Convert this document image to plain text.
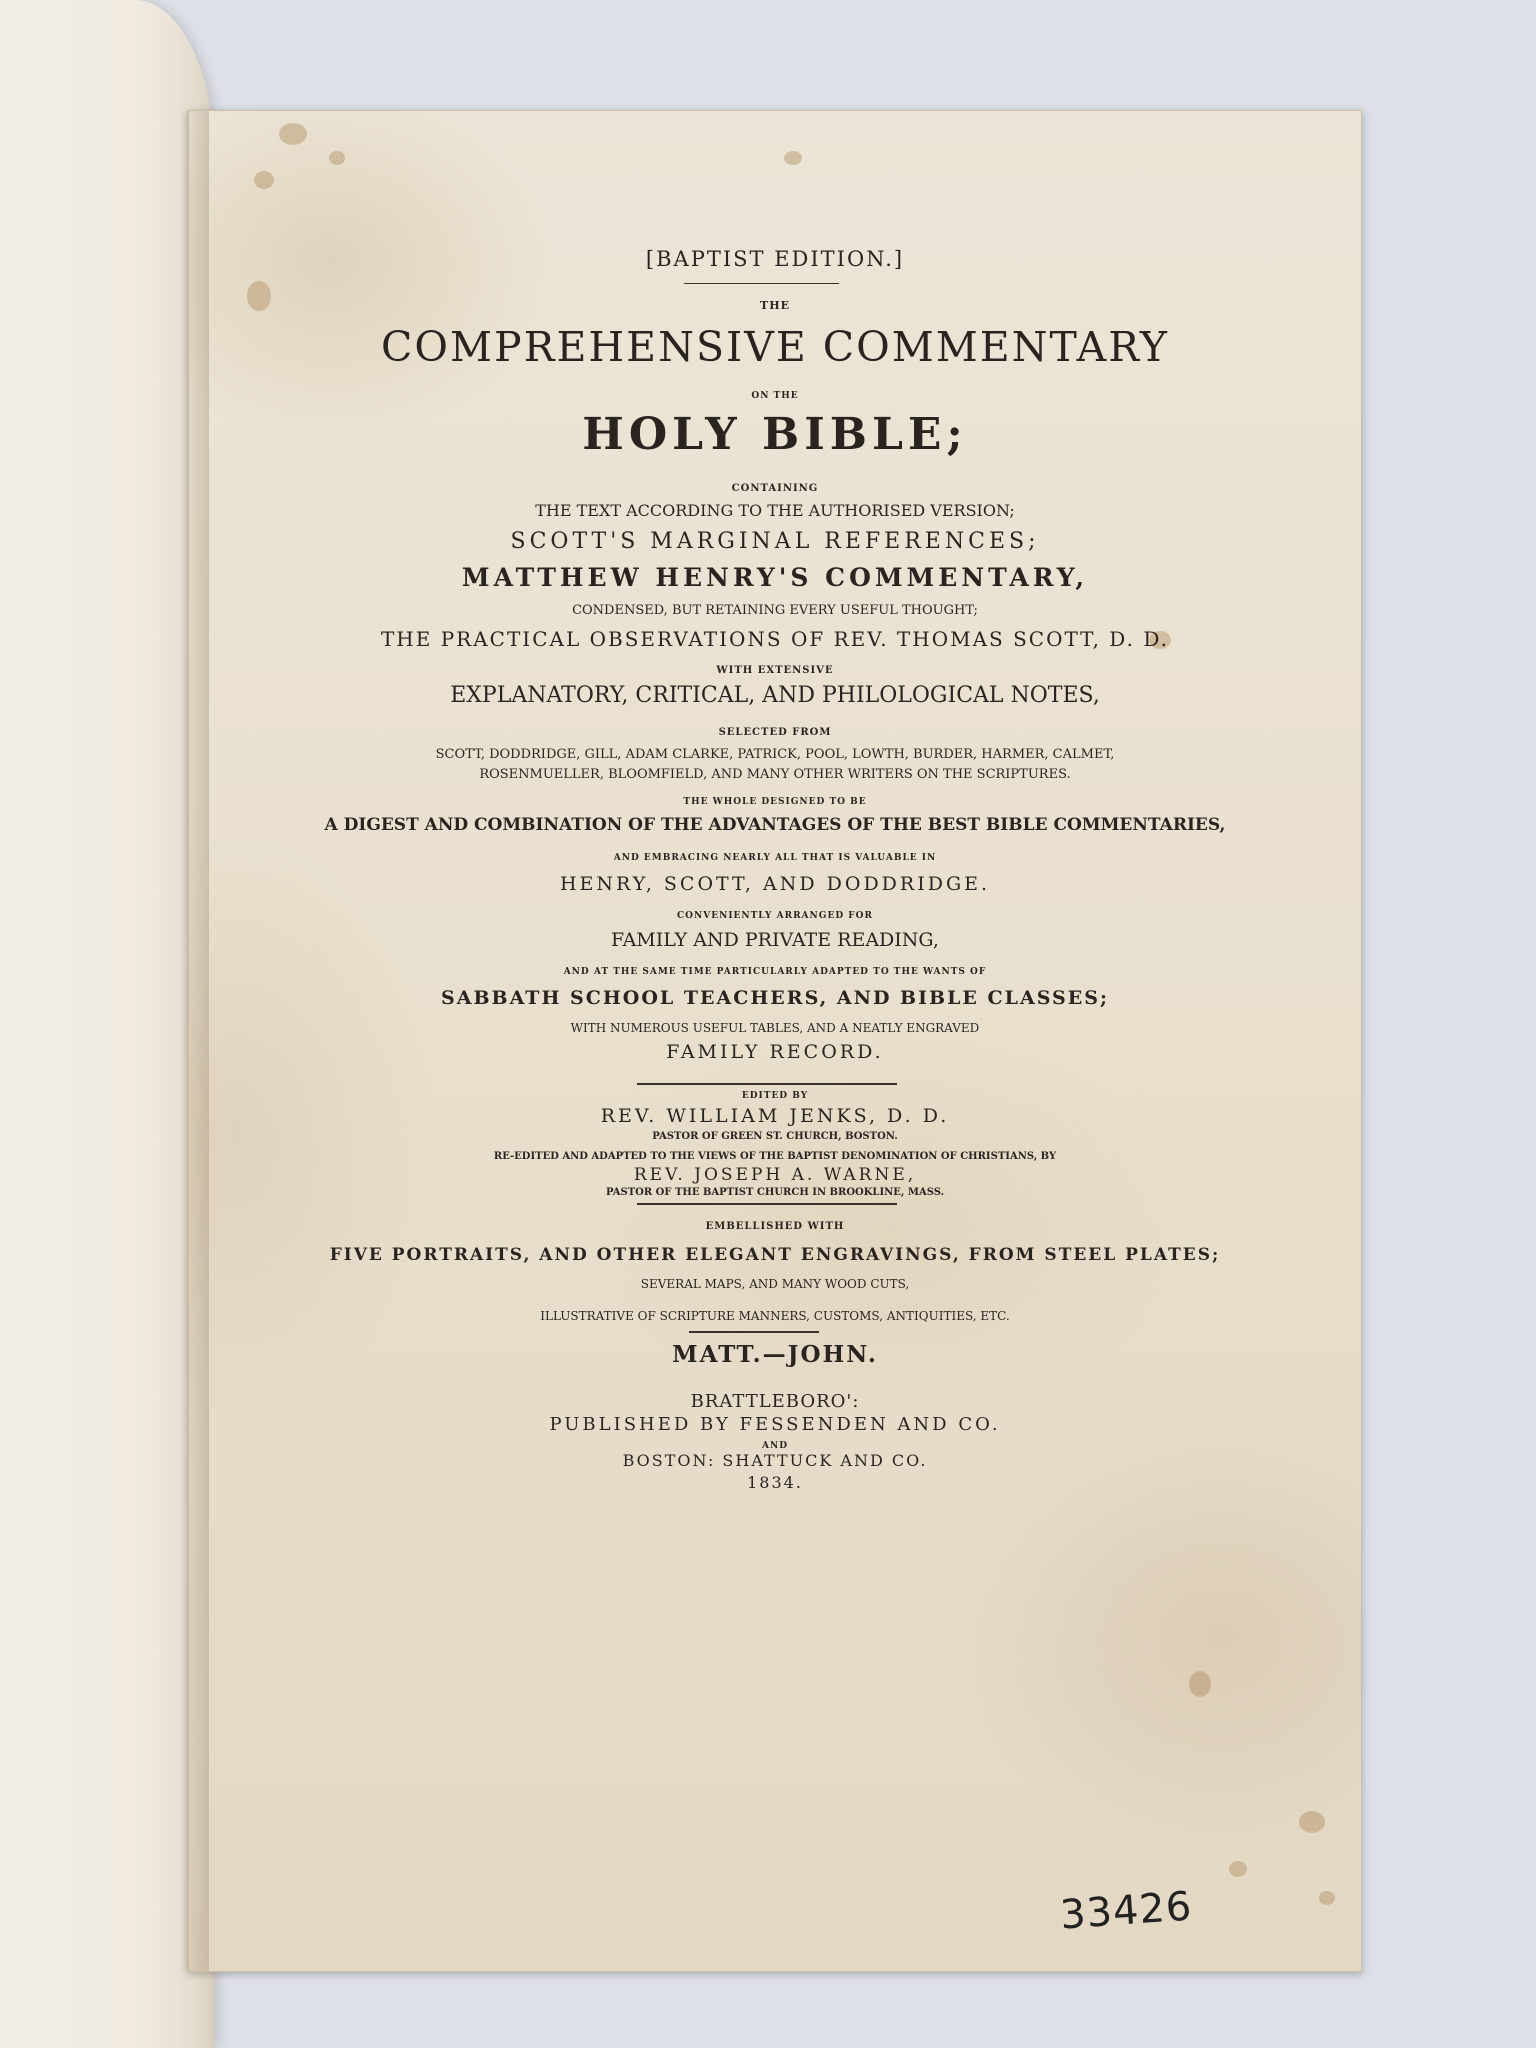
[BAPTIST EDITION.]
THE
COMPREHENSIVE COMMENTARY
ON THE
HOLY BIBLE;
CONTAINING
THE TEXT ACCORDING TO THE AUTHORISED VERSION;
SCOTT'S MARGINAL REFERENCES;
MATTHEW HENRY'S COMMENTARY,
CONDENSED, BUT RETAINING EVERY USEFUL THOUGHT;
THE PRACTICAL OBSERVATIONS OF REV. THOMAS SCOTT, D. D.
WITH EXTENSIVE
EXPLANATORY, CRITICAL, AND PHILOLOGICAL NOTES,
SELECTED FROM
SCOTT, DODDRIDGE, GILL, ADAM CLARKE, PATRICK, POOL, LOWTH, BURDER, HARMER, CALMET,
ROSENMUELLER, BLOOMFIELD, AND MANY OTHER WRITERS ON THE SCRIPTURES.
THE WHOLE DESIGNED TO BE
A DIGEST AND COMBINATION OF THE ADVANTAGES OF THE BEST BIBLE COMMENTARIES,
AND EMBRACING NEARLY ALL THAT IS VALUABLE IN
HENRY, SCOTT, AND DODDRIDGE.
CONVENIENTLY ARRANGED FOR
FAMILY AND PRIVATE READING,
AND AT THE SAME TIME PARTICULARLY ADAPTED TO THE WANTS OF
SABBATH SCHOOL TEACHERS, AND BIBLE CLASSES;
WITH NUMEROUS USEFUL TABLES, AND A NEATLY ENGRAVED
FAMILY RECORD.
EDITED BY
REV. WILLIAM JENKS, D. D.
PASTOR OF GREEN ST. CHURCH, BOSTON.
RE-EDITED AND ADAPTED TO THE VIEWS OF THE BAPTIST DENOMINATION OF CHRISTIANS, BY
REV. JOSEPH A. WARNE,
PASTOR OF THE BAPTIST CHURCH IN BROOKLINE, MASS.
EMBELLISHED WITH
FIVE PORTRAITS, AND OTHER ELEGANT ENGRAVINGS, FROM STEEL PLATES;
SEVERAL MAPS, AND MANY WOOD CUTS,
ILLUSTRATIVE OF SCRIPTURE MANNERS, CUSTOMS, ANTIQUITIES, ETC.
MATT.—JOHN.
BRATTLEBORO':
PUBLISHED BY FESSENDEN AND CO.
AND
BOSTON: SHATTUCK AND CO.
1834.
33426
